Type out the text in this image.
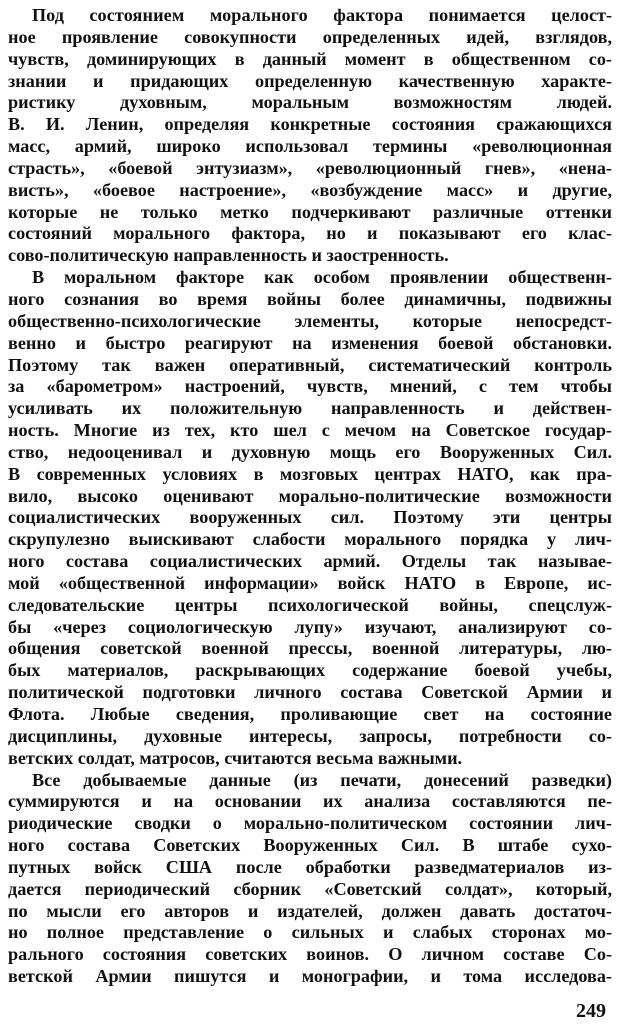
Под состоянием морального фактора понимается целост-
ное проявление совокупности определенных идей, взглядов,
чувств, доминирующих в данный момент в общественном со-
знании и придающих определенную качественную характе-
ристику духовным, моральным возможностям людей.
В. И. Ленин, определяя конкретные состояния сражающихся
масс, армий, широко использовал термины «революционная
страсть», «боевой энтузиазм», «революционный гнев», «нена-
висть», «боевое настроение», «возбуждение масс» и другие,
которые не только метко подчеркивают различные оттенки
состояний морального фактора, но и показывают его клас-
сово-политическую направленность и заостренность.
В моральном факторе как особом проявлении общественн-
ного сознания во время войны более динамичны, подвижны
общественно-психологические элементы, которые непосредст-
венно и быстро реагируют на изменения боевой обстановки.
Поэтому так важен оперативный, систематический контроль
за «барометром» настроений, чувств, мнений, с тем чтобы
усиливать их положительную направленность и действен-
ность. Многие из тех, кто шел с мечом на Советское государ-
ство, недооценивал и духовную мощь его Вооруженных Сил.
В современных условиях в мозговых центрах НАТО, как пра-
вило, высоко оценивают морально-политические возможности
социалистических вооруженных сил. Поэтому эти центры
скрупулезно выискивают слабости морального порядка у лич-
ного состава социалистических армий. Отделы так называе-
мой «общественной информации» войск НАТО в Европе, ис-
следовательские центры психологической войны, спецслуж-
бы «через социологическую лупу» изучают, анализируют со-
общения советской военной прессы, военной литературы, лю-
бых материалов, раскрывающих содержание боевой учебы,
политической подготовки личного состава Советской Армии и
Флота. Любые сведения, проливающие свет на состояние
дисциплины, духовные интересы, запросы, потребности со-
ветских солдат, матросов, считаются весьма важными.
Все добываемые данные (из печати, донесений разведки)
суммируются и на основании их анализа составляются пе-
риодические сводки о морально-политическом состоянии лич-
ного состава Советских Вооруженных Сил. В штабе сухо-
путных войск США после обработки разведматериалов из-
дается периодический сборник «Советский солдат», который,
по мысли его авторов и издателей, должен давать достаточ-
но полное представление о сильных и слабых сторонах мо-
рального состояния советских воинов. О личном составе Со-
ветской Армии пишутся и монографии, и тома исследова-
249
